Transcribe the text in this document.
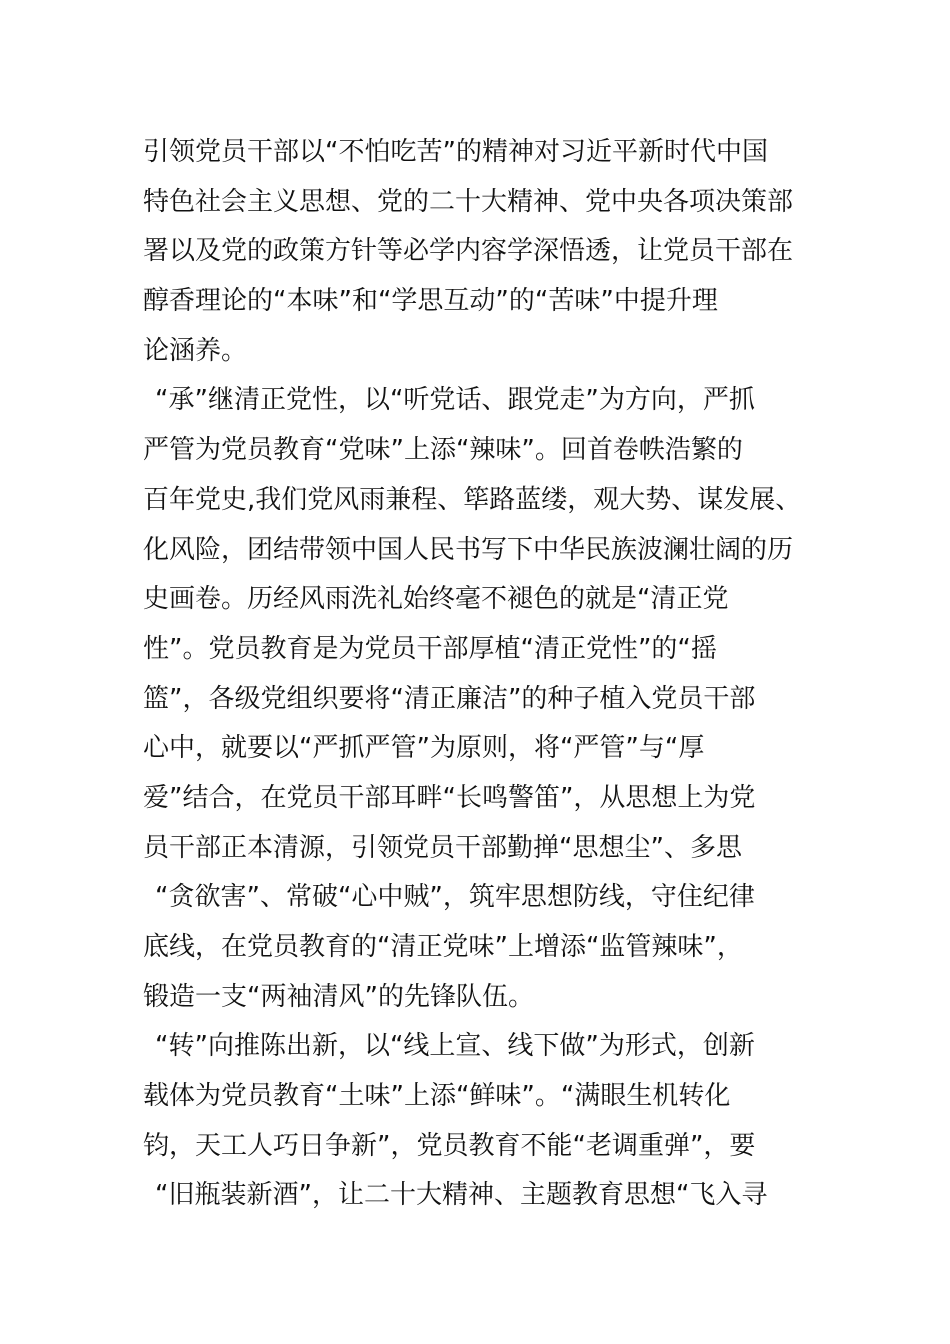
引领党员干部以“不怕吃苦”的精神对习近平新时代中国
特色社会主义思想、党的二十大精神、党中央各项决策部
署以及党的政策方针等必学内容学深悟透，让党员干部在
醇香理论的“本味”和“学思互动”的“苦味”中提升理
论涵养。
“承”继清正党性，以“听党话、跟党走”为方向，严抓
严管为党员教育“党味”上添“辣味”。回首卷帙浩繁的
百年党史,我们党风雨兼程、筚路蓝缕，观大势、谋发展、
化风险，团结带领中国人民书写下中华民族波澜壮阔的历
史画卷。历经风雨洗礼始终毫不褪色的就是“清正党
性”。党员教育是为党员干部厚植“清正党性”的“摇
篮”，各级党组织要将“清正廉洁”的种子植入党员干部
心中，就要以“严抓严管”为原则，将“严管”与“厚
爱”结合，在党员干部耳畔“长鸣警笛”，从思想上为党
员干部正本清源，引领党员干部勤掸“思想尘”、多思
“贪欲害”、常破“心中贼”，筑牢思想防线，守住纪律
底线，在党员教育的“清正党味”上增添“监管辣味”，
锻造一支“两袖清风”的先锋队伍。
“转”向推陈出新，以“线上宣、线下做”为形式，创新
载体为党员教育“土味”上添“鲜味”。“满眼生机转化
钧，天工人巧日争新”，党员教育不能“老调重弹”，要
“旧瓶装新酒”，让二十大精神、主题教育思想“飞入寻
